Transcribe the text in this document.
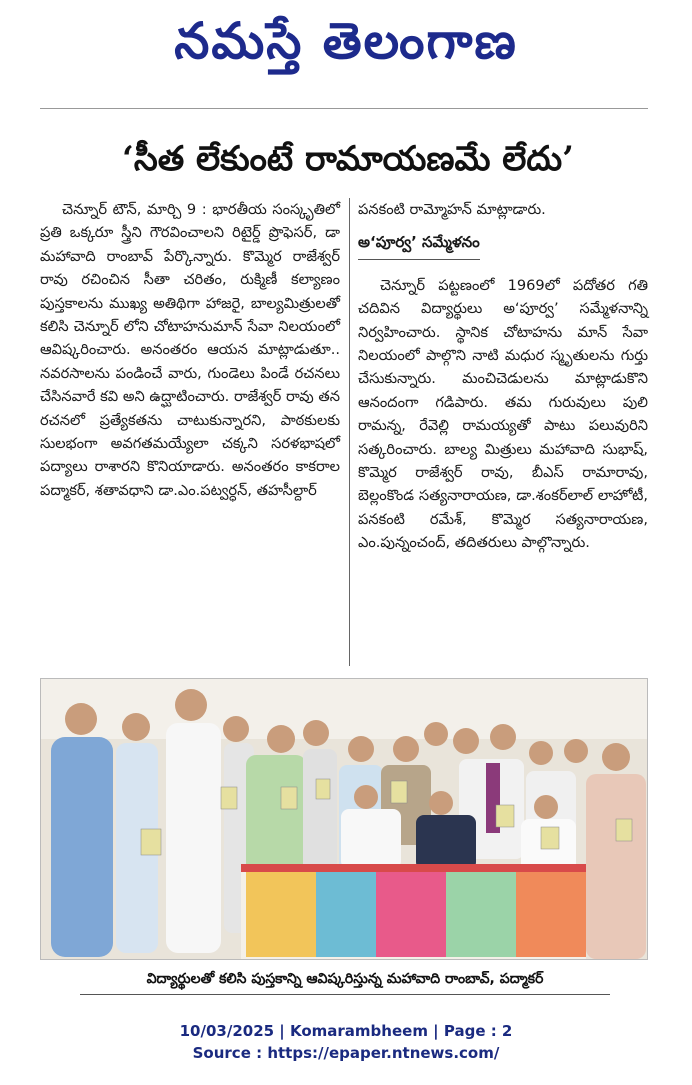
నమస్తే తెలంగాణ
‘సీత లేకుంటే రామాయణమే లేదు’

చెన్నూర్ టౌన్, మార్చి 9 : భారతీయ సంస్కృతిలో ప్రతి ఒక్కరూ స్త్రీని గౌరవించాలని రిటైర్డ్ ప్రొఫెసర్, డా మహావాది రాంబావ్ పేర్కొన్నారు. కొమ్మెర రాజేశ్వర్ రావు రచించిన సీతా చరితం, రుక్మిణీ కల్యాణం పుస్తకాలను ముఖ్య అతిథిగా హాజరై, బాల్యమిత్రులతో కలిసి చెన్నూర్ లోని చోటాహనుమాన్ సేవా నిలయంలో ఆవిష్కరించారు. అనంతరం ఆయన మాట్లాడుతూ.. నవరసాలను పండించే వారు, గుండెలు పిండే రచనలు చేసినవారే కవి అని ఉద్ఘాటించారు. రాజేశ్వర్ రావు తన రచనలో ప్రత్యేకతను చాటుకున్నారని, పాఠకులకు సులభంగా అవగతమయ్యేలా చక్కని సరళభాషలో పద్యాలు రాశారని కొనియాడారు. అనంతరం కాకరాల పద్మాకర్, శతావధాని డా.ఎం.పట్వర్ధన్, తహసీల్దార్

పనకంటి రామ్మోహన్ మాట్లాడారు.

అ‘పూర్వ’ సమ్మేళనం

చెన్నూర్ పట్టణంలో 1969లో పదోతర గతి చదివిన విద్యార్థులు అ‘పూర్వ’ సమ్మేళనాన్ని నిర్వహించారు. స్థానిక చోటాహను మాన్ సేవా నిలయంలో పాల్గొని నాటి మధుర స్మృతులను గుర్తు చేసుకున్నారు. మంచిచెడులను మాట్లాడుకొని ఆనందంగా గడిపారు. తమ గురువులు పులి రామన్న, రేవెల్లి రామయ్యతో పాటు పలువురిని సత్కరించారు. బాల్య మిత్రులు మహావాది సుభాష్, కొమ్మెర రాజేశ్వర్ రావు, బీఎస్ రామారావు, బెల్లంకొండ సత్యనారాయణ, డా.శంకర్‌లాల్ లాహోటీ, పనకంటి రమేశ్, కొమ్మెర సత్యనారాయణ, ఎం.పున్నంచంద్, తదితరులు పాల్గొన్నారు.

విద్యార్థులతో కలిసి పుస్తకాన్ని ఆవిష్కరిస్తున్న మహావాది రాంబావ్, పద్మాకర్
10/03/2025 | Komarambheem | Page : 2
Source : https://epaper.ntnews.com/
